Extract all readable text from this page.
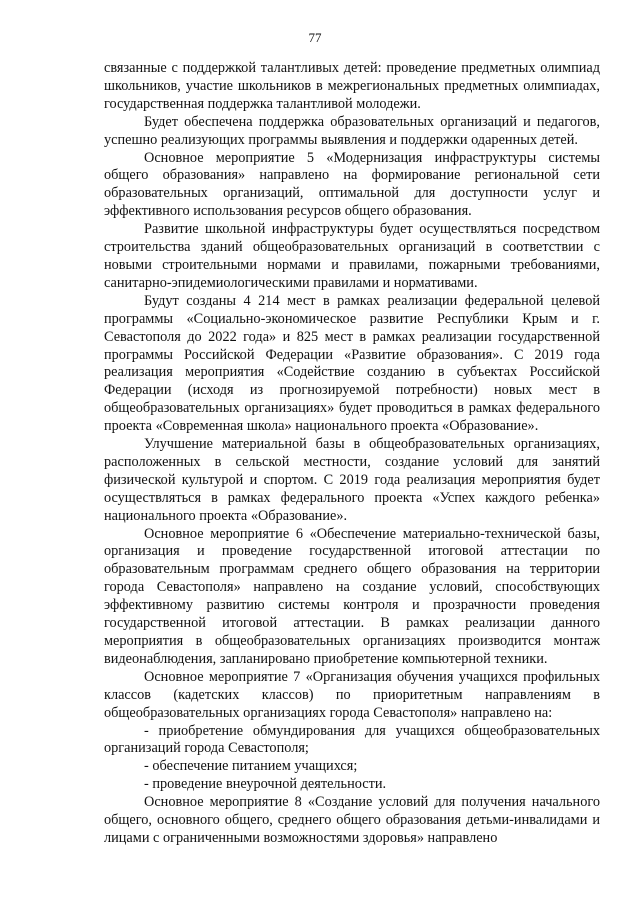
77

связанные с поддержкой талантливых детей: проведение предметных олимпиад школьников, участие школьников в межрегиональных предметных олимпиадах, государственная поддержка талантливой молодежи.

Будет обеспечена поддержка образовательных организаций и педагогов, успешно реализующих программы выявления и поддержки одаренных детей.

Основное мероприятие 5 «Модернизация инфраструктуры системы общего образования» направлено на формирование региональной сети образовательных организаций, оптимальной для доступности услуг и эффективного использования ресурсов общего образования.

Развитие школьной инфраструктуры будет осуществляться посредством строительства зданий общеобразовательных организаций в соответствии с новыми строительными нормами и правилами, пожарными требованиями, санитарно-эпидемиологическими правилами и нормативами.

Будут созданы 4 214 мест в рамках реализации федеральной целевой программы «Социально-экономическое развитие Республики Крым и г. Севастополя до 2022 года» и 825 мест в рамках реализации государственной программы Российской Федерации «Развитие образования». С 2019 года реализация мероприятия «Содействие созданию в субъектах Российской Федерации (исходя из прогнозируемой потребности) новых мест в общеобразовательных организациях» будет проводиться в рамках федерального проекта «Современная школа» национального проекта «Образование».

Улучшение материальной базы в общеобразовательных организациях, расположенных в сельской местности, создание условий для занятий физической культурой и спортом. С 2019 года реализация мероприятия будет осуществляться в рамках федерального проекта «Успех каждого ребенка» национального проекта «Образование».

Основное мероприятие 6 «Обеспечение материально-технической базы, организация и проведение государственной итоговой аттестации по образовательным программам среднего общего образования на территории города Севастополя» направлено на создание условий, способствующих эффективному развитию системы контроля и прозрачности проведения государственной итоговой аттестации. В рамках реализации данного мероприятия в общеобразовательных организациях производится монтаж видеонаблюдения, запланировано приобретение компьютерной техники.

Основное мероприятие 7 «Организация обучения учащихся профильных классов (кадетских классов) по приоритетным направлениям в общеобразовательных организациях города Севастополя» направлено на:

- приобретение обмундирования для учащихся общеобразовательных организаций города Севастополя;

- обеспечение питанием учащихся;

- проведение внеурочной деятельности.

Основное мероприятие 8 «Создание условий для получения начального общего, основного общего, среднего общего образования детьми-инвалидами и лицами с ограниченными возможностями здоровья» направлено
